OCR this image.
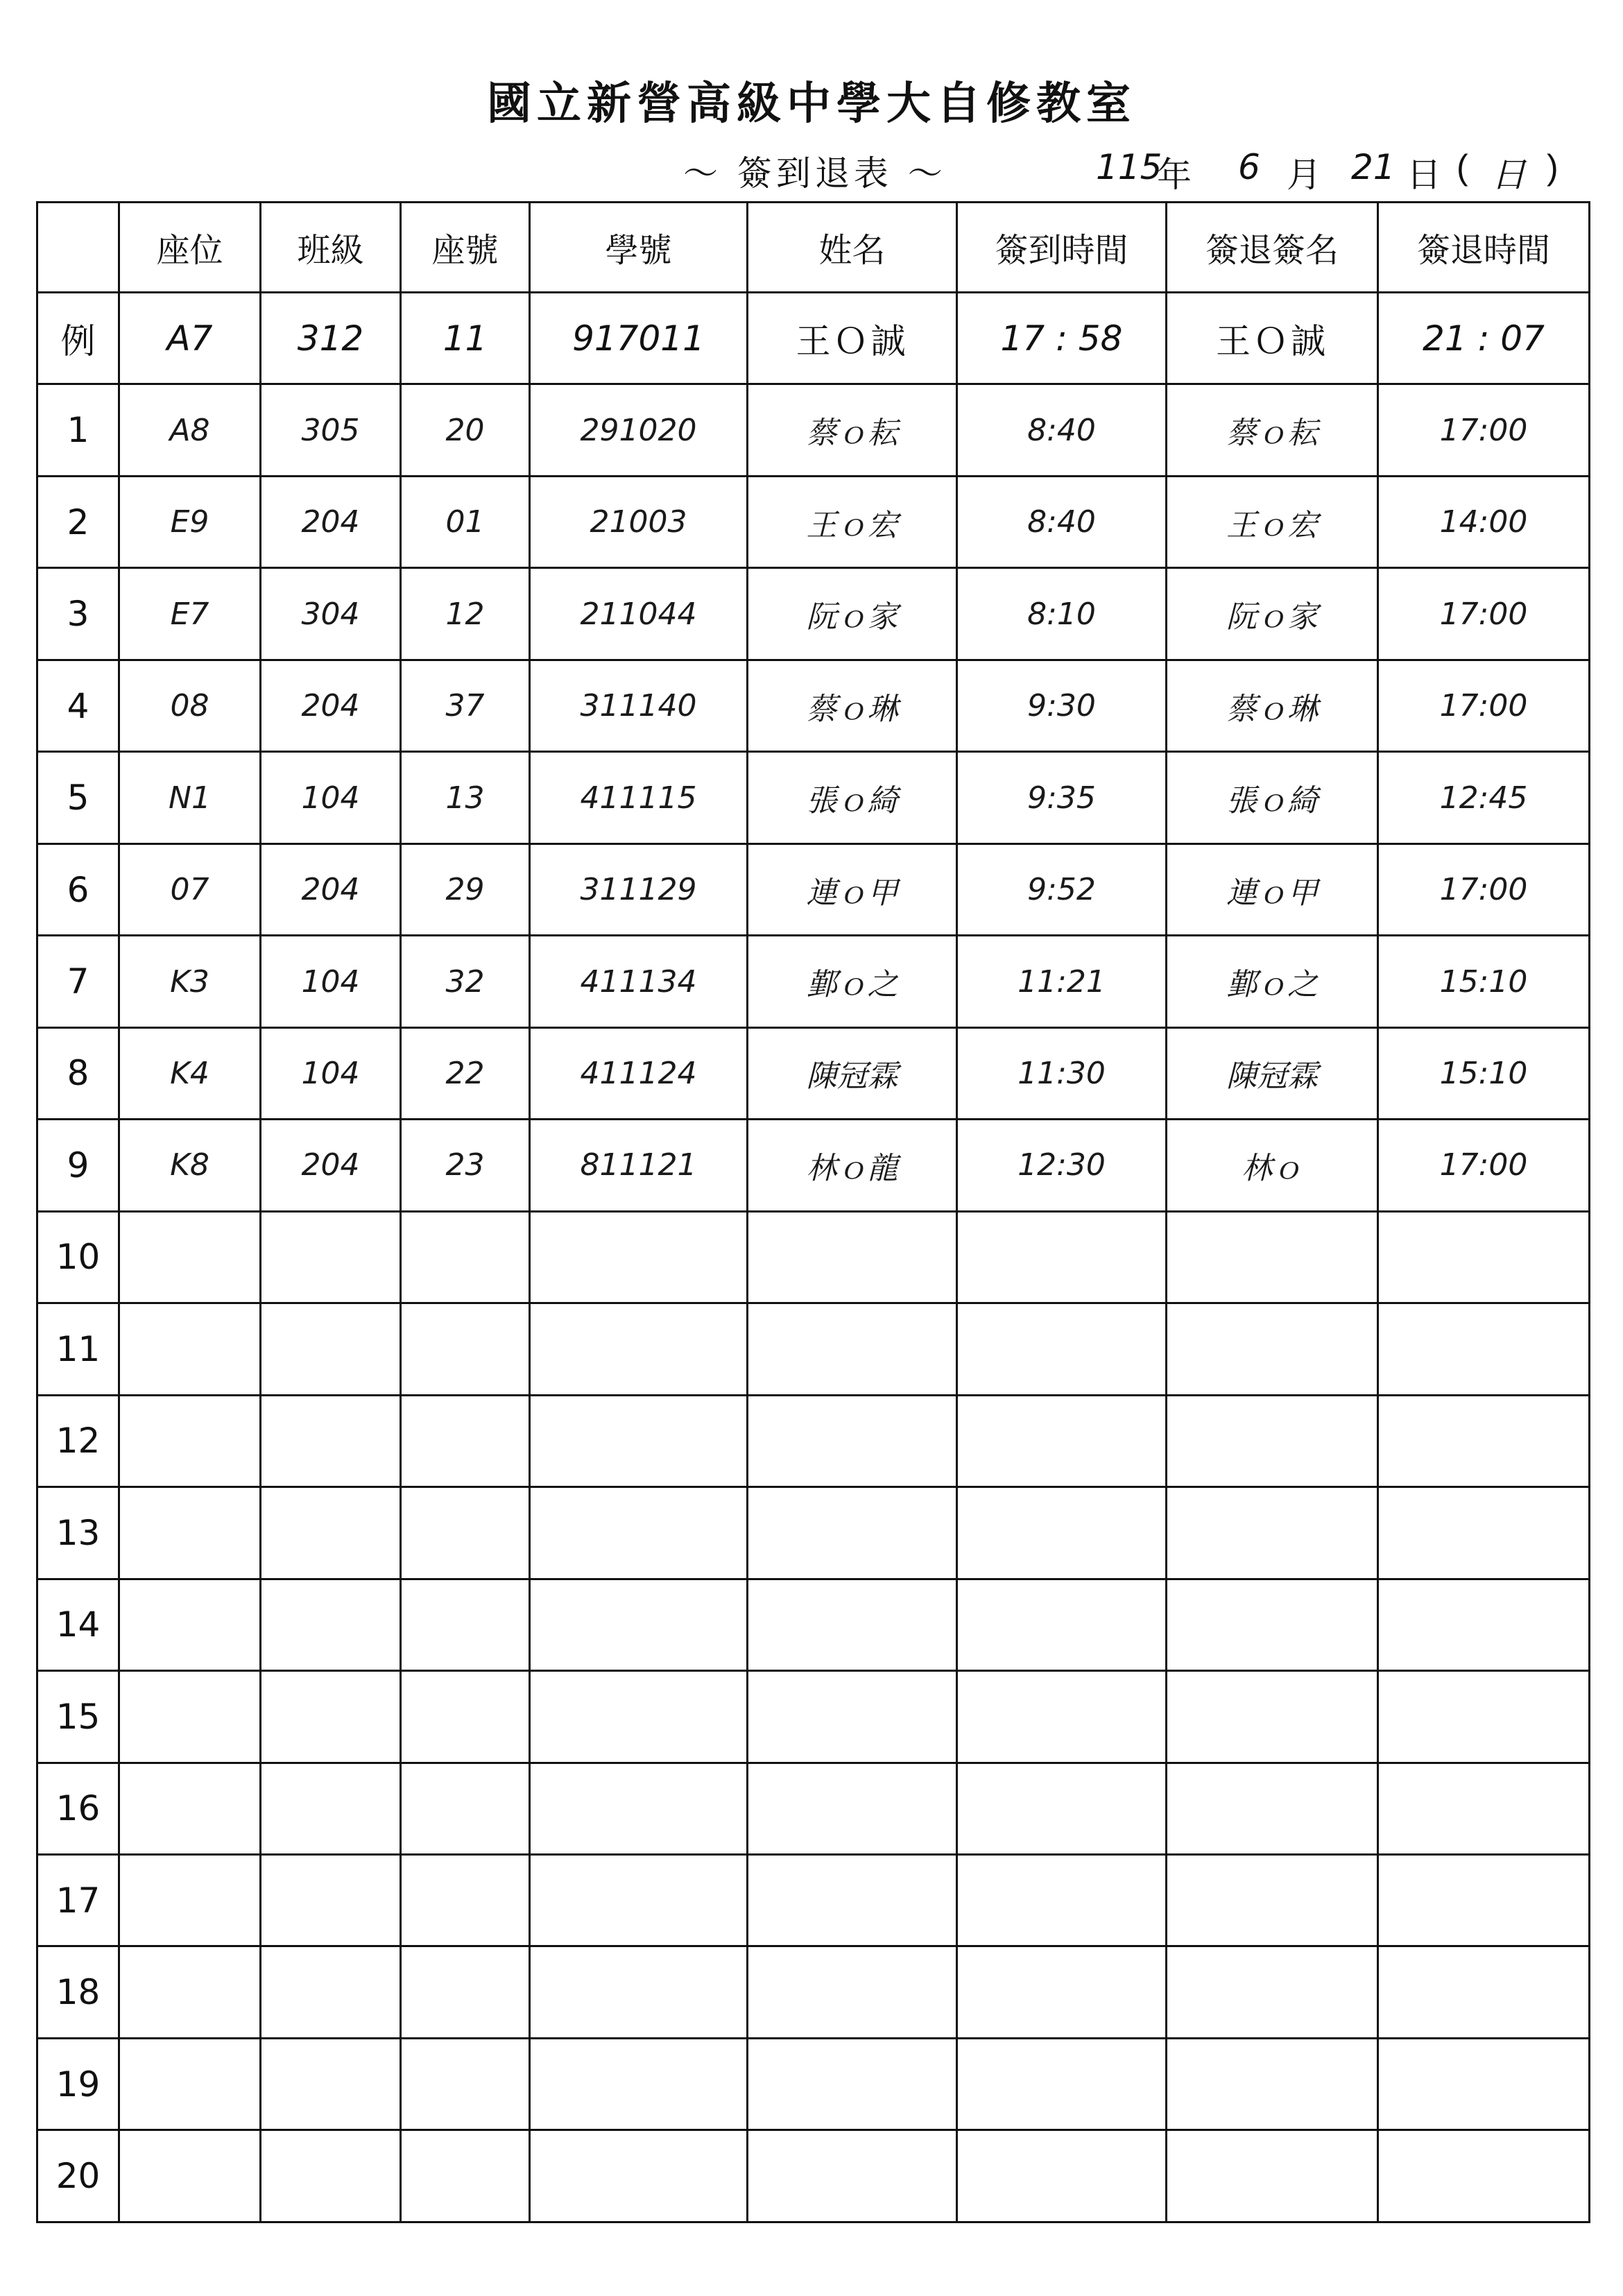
國立新營高級中學大自修教室
～ 簽到退表 ～	115
年 6 月 21 日 ( 日 )
	座位	班級	座號	學號	姓名	簽到時間	簽退簽名	簽退時間
例	A7	312	11	917011	王Ｏ誠	17 : 58	王Ｏ誠	21 : 07
1	A8	305	20	291020	蔡ｏ耘	8:40	蔡ｏ耘	17:00
2	E9	204	01	21003	王ｏ宏	8:40	王ｏ宏	14:00
3	E7	304	12	211044	阮ｏ家	8:10	阮ｏ家	17:00
4	08	204	37	311140	蔡ｏ琳	9:30	蔡ｏ琳	17:00
5	N1	104	13	411115	張ｏ綺	9:35	張ｏ綺	12:45
6	07	204	29	311129	連ｏ甲	9:52	連ｏ甲	17:00
7	K3	104	32	411134	鄞ｏ之	11:21	鄞ｏ之	15:10
8	K4	104	22	411124	陳冠霖	11:30	陳冠霖	15:10
9	K8	204	23	811121	林ｏ龍	12:30	林ｏ	17:00
10								
11								
12								
13								
14								
15								
16								
17								
18								
19								
20								
